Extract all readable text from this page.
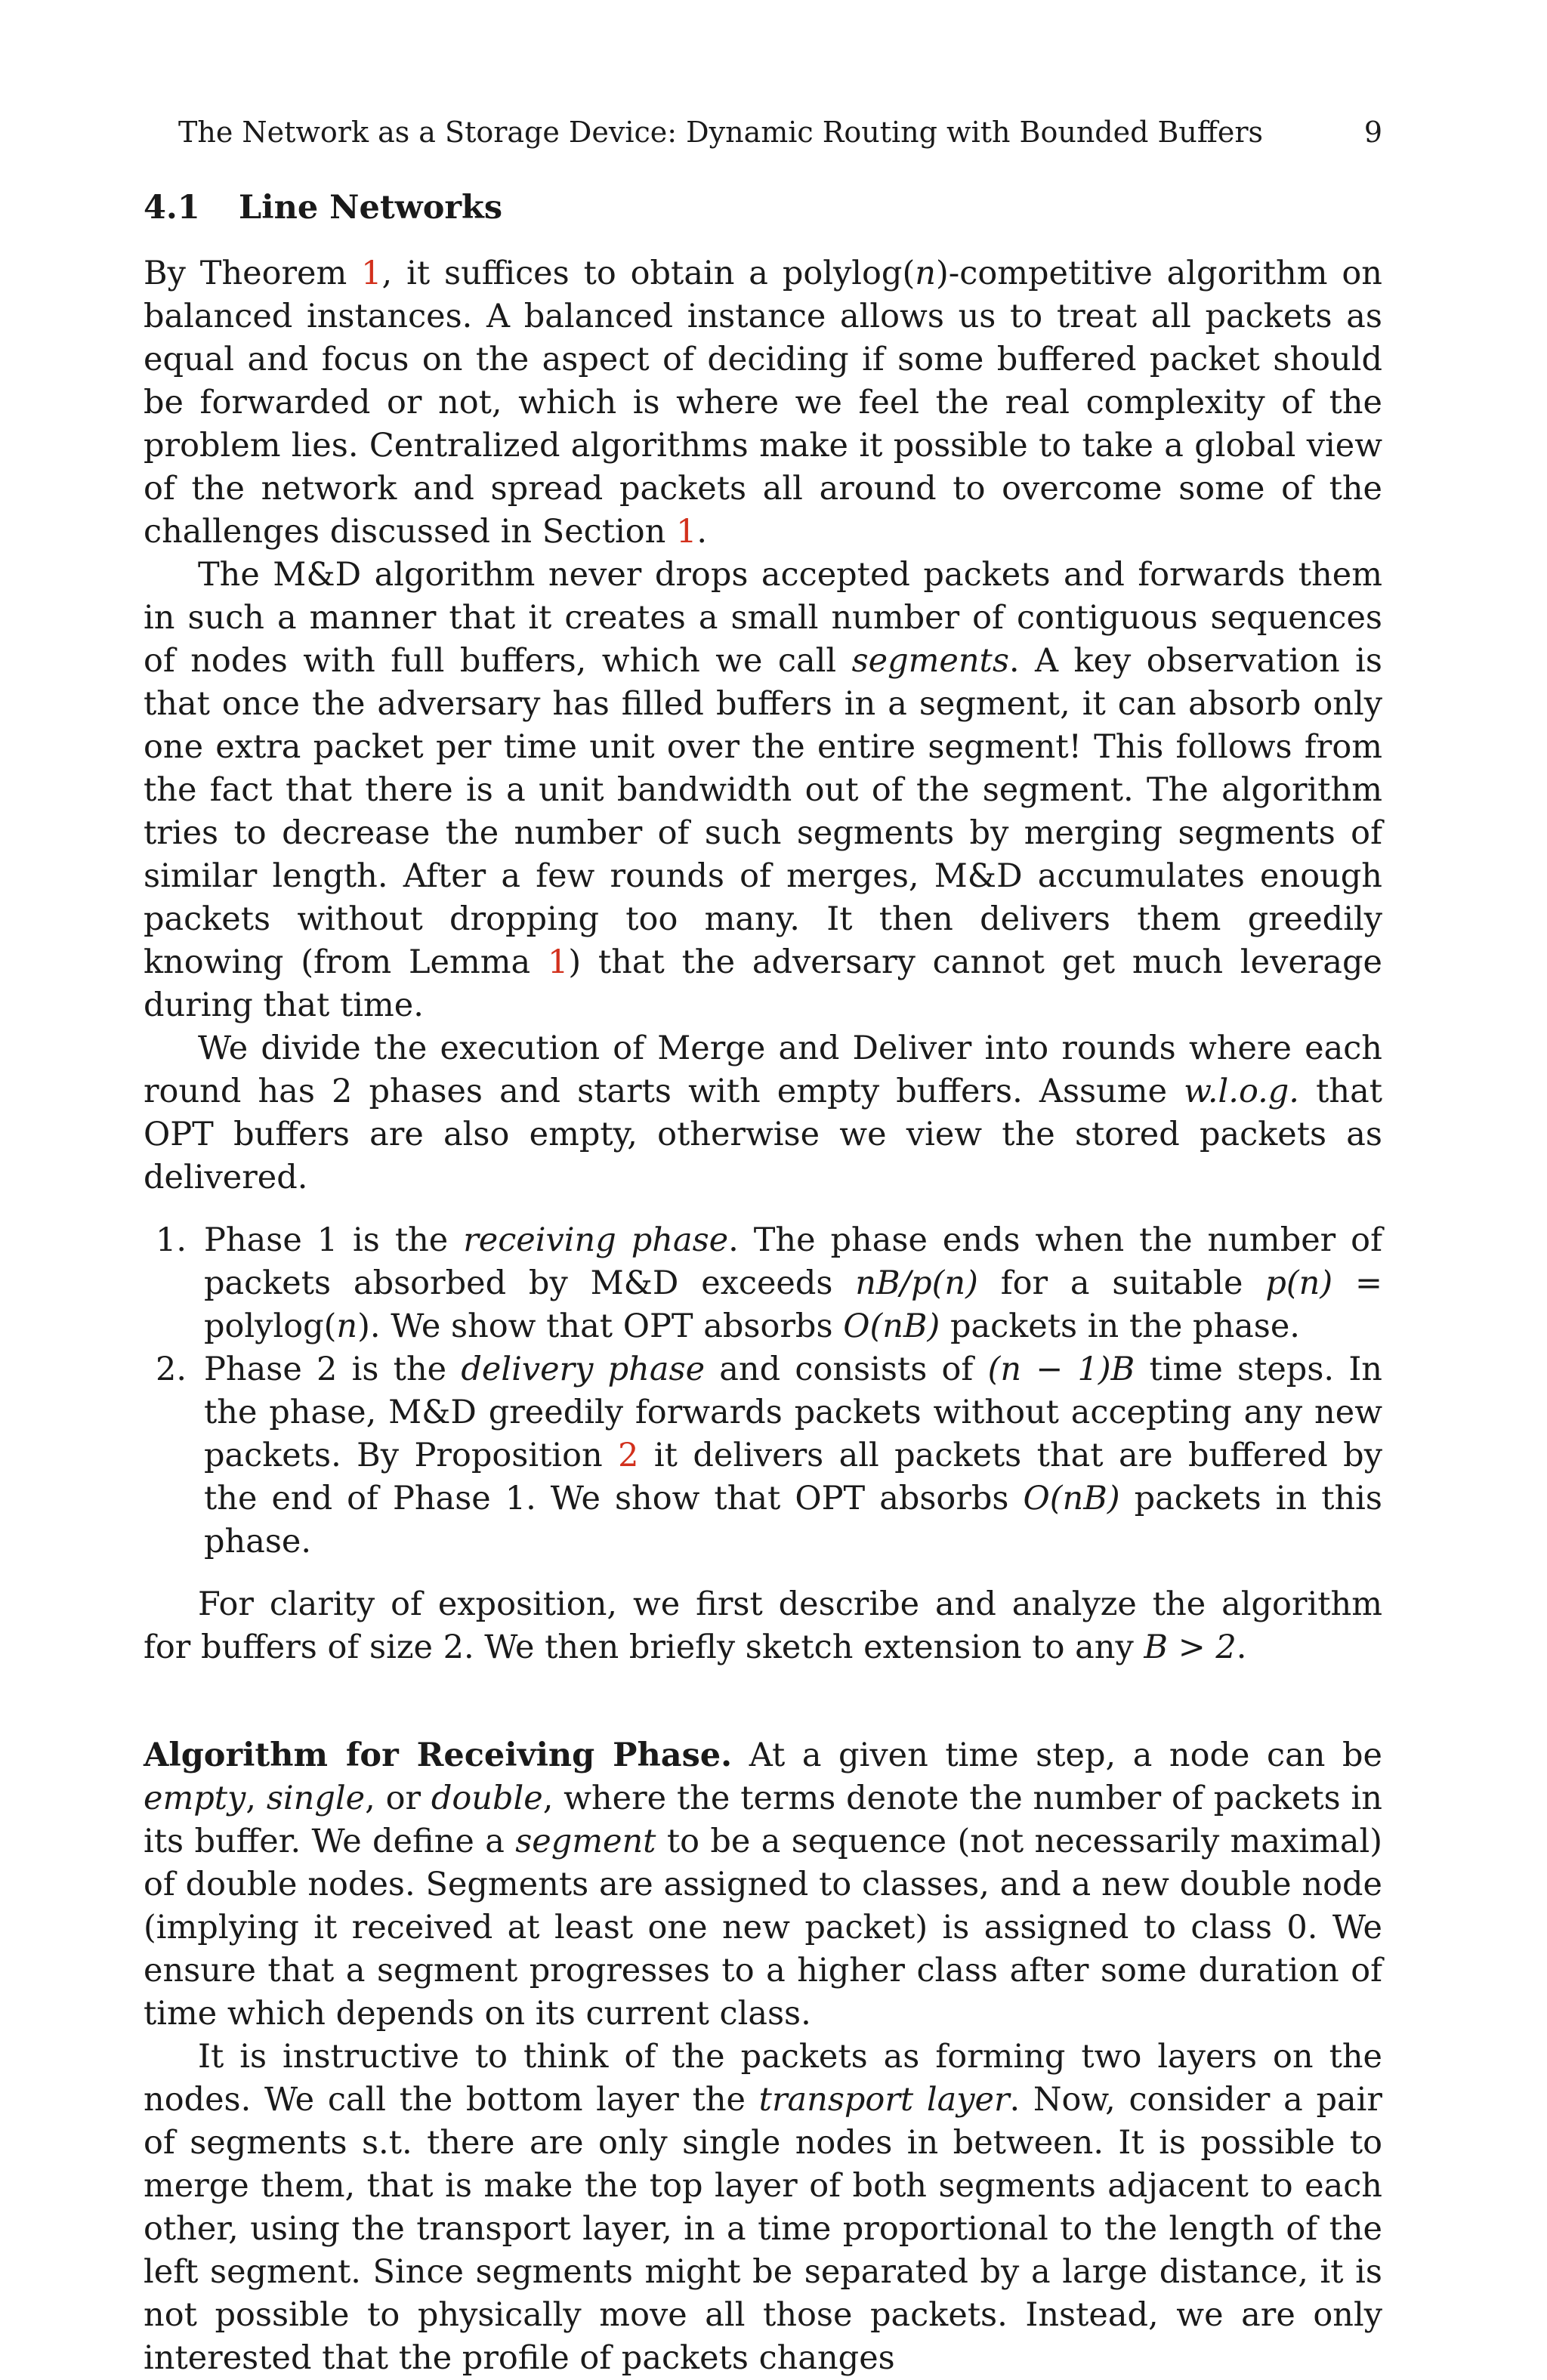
The Network as a Storage Device: Dynamic Routing with Bounded Buffers	9
4.1 Line Networks

By Theorem 1, it suffices to obtain a polylog(n)-competitive algorithm on balanced instances. A balanced instance allows us to treat all packets as equal and focus on the aspect of deciding if some buffered packet should be forwarded or not, which is where we feel the real complexity of the problem lies. Centralized algorithms make it possible to take a global view of the network and spread packets all around to overcome some of the challenges discussed in Section 1.

The M&D algorithm never drops accepted packets and forwards them in such a manner that it creates a small number of contiguous sequences of nodes with full buffers, which we call segments. A key observation is that once the adversary has filled buffers in a segment, it can absorb only one extra packet per time unit over the entire segment! This follows from the fact that there is a unit bandwidth out of the segment. The algorithm tries to decrease the number of such segments by merging segments of similar length. After a few rounds of merges, M&D accumulates enough packets without dropping too many. It then delivers them greedily knowing (from Lemma 1) that the adversary cannot get much leverage during that time.

We divide the execution of Merge and Deliver into rounds where each round has 2 phases and starts with empty buffers. Assume w.l.o.g. that OPT buffers are also empty, otherwise we view the stored packets as delivered.

1. Phase 1 is the receiving phase. The phase ends when the number of packets absorbed by M&D exceeds nB/p(n) for a suitable p(n) = polylog(n). We show that OPT absorbs O(nB) packets in the phase.
2. Phase 2 is the delivery phase and consists of (n − 1)B time steps. In the phase, M&D greedily forwards packets without accepting any new packets. By Proposition 2 it delivers all packets that are buffered by the end of Phase 1. We show that OPT absorbs O(nB) packets in this phase.

For clarity of exposition, we first describe and analyze the algorithm for buffers of size 2. We then briefly sketch extension to any B > 2.

Algorithm for Receiving Phase. At a given time step, a node can be empty, single, or double, where the terms denote the number of packets in its buffer. We define a segment to be a sequence (not necessarily maximal) of double nodes. Segments are assigned to classes, and a new double node (implying it received at least one new packet) is assigned to class 0. We ensure that a segment progresses to a higher class after some duration of time which depends on its current class.

It is instructive to think of the packets as forming two layers on the nodes. We call the bottom layer the transport layer. Now, consider a pair of segments s.t. there are only single nodes in between. It is possible to merge them, that is make the top layer of both segments adjacent to each other, using the transport layer, in a time proportional to the length of the left segment. Since segments might be separated by a large distance, it is not possible to physically move all those packets. Instead, we are only interested that the profile of packets changes
